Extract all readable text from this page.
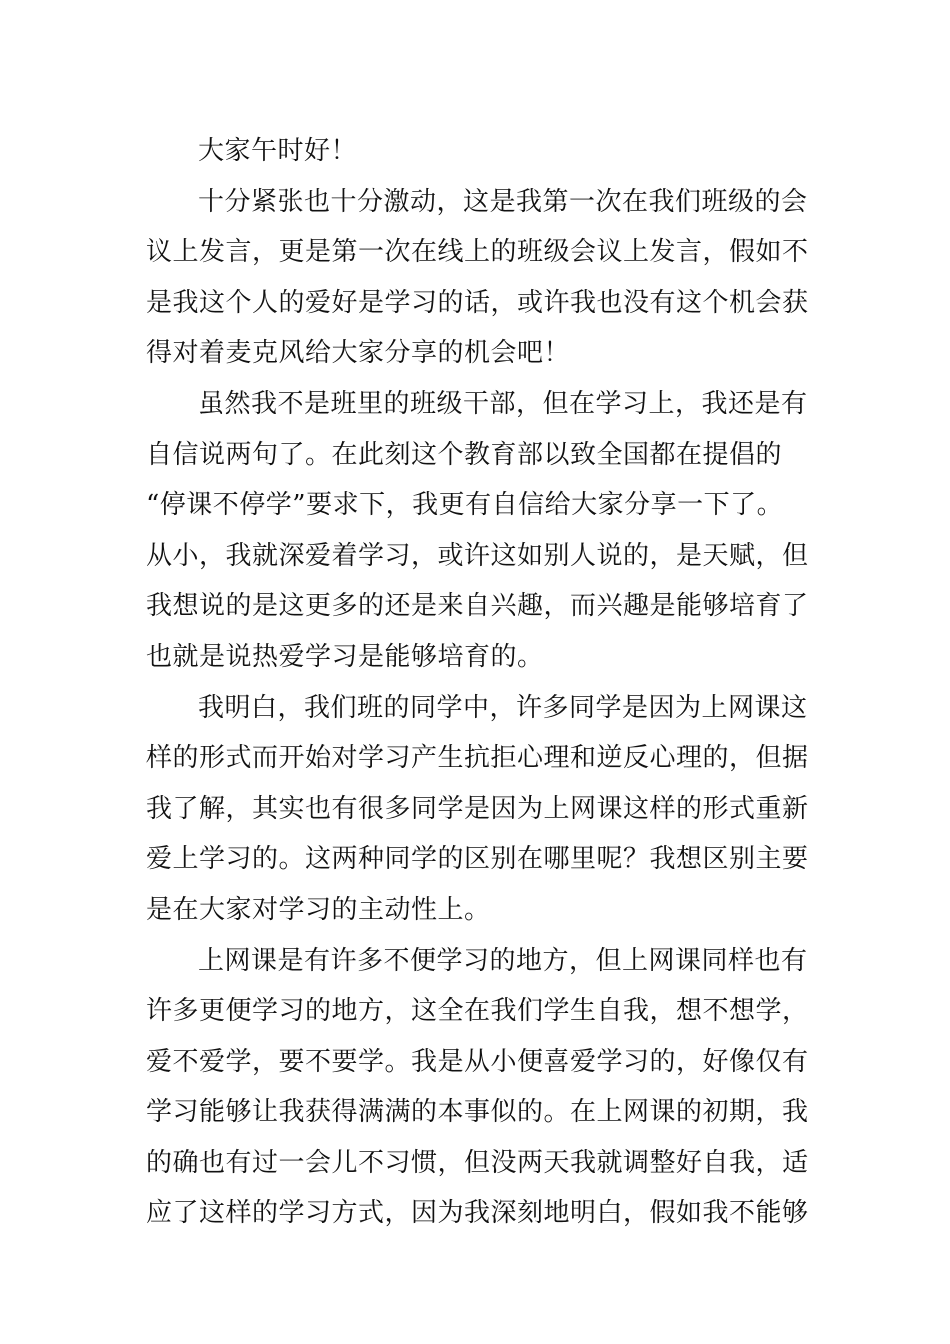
大家午时好！
十分紧张也十分激动，这是我第一次在我们班级的会
议上发言，更是第一次在线上的班级会议上发言，假如不
是我这个人的爱好是学习的话，或许我也没有这个机会获
得对着麦克风给大家分享的机会吧！
虽然我不是班里的班级干部，但在学习上，我还是有
自信说两句了。在此刻这个教育部以致全国都在提倡的
“停课不停学”要求下，我更有自信给大家分享一下了。
从小，我就深爱着学习，或许这如别人说的，是天赋，但
我想说的是这更多的还是来自兴趣，而兴趣是能够培育了
也就是说热爱学习是能够培育的。
我明白，我们班的同学中，许多同学是因为上网课这
样的形式而开始对学习产生抗拒心理和逆反心理的，但据
我了解，其实也有很多同学是因为上网课这样的形式重新
爱上学习的。这两种同学的区别在哪里呢？我想区别主要
是在大家对学习的主动性上。
上网课是有许多不便学习的地方，但上网课同样也有
许多更便学习的地方，这全在我们学生自我，想不想学，
爱不爱学，要不要学。我是从小便喜爱学习的，好像仅有
学习能够让我获得满满的本事似的。在上网课的初期，我
的确也有过一会儿不习惯，但没两天我就调整好自我，适
应了这样的学习方式，因为我深刻地明白，假如我不能够
